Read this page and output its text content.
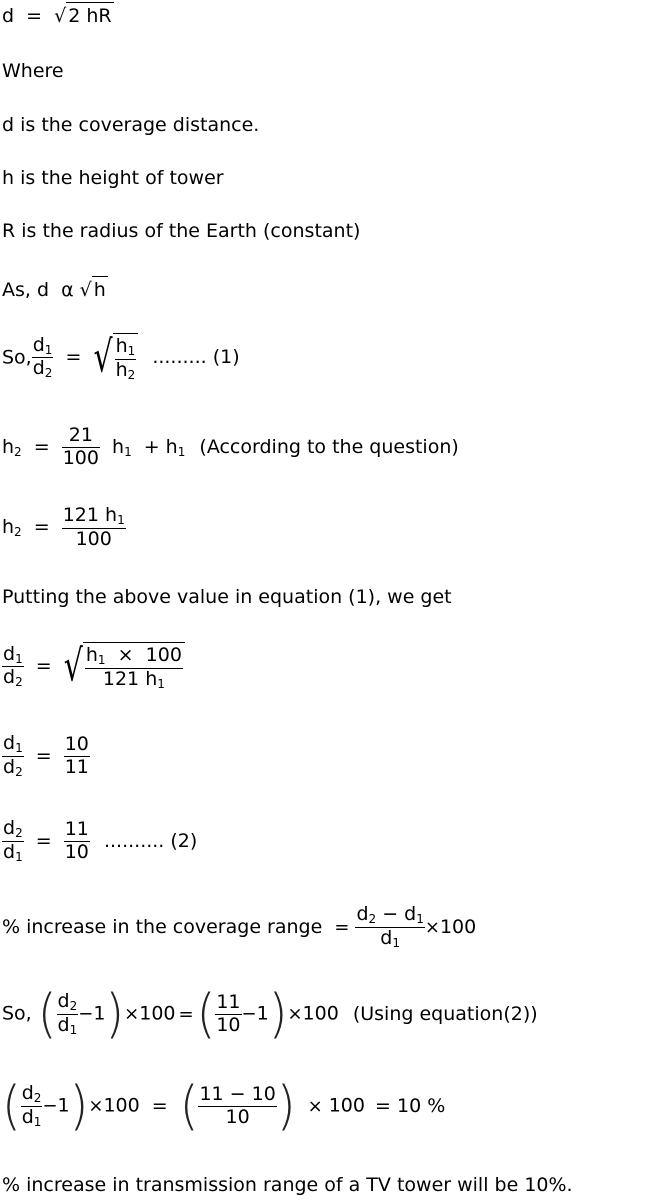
d = √ 2 hR
Where
d is the coverage distance.
h is the height of tower
R is the radius of the Earth (constant)
As, d α √ h
So, $\frac{d_1}{d_2}$ = √ $\frac{h_1}{h_2}$ ......... (1)
$h_2 = \frac{21}{100} h_1 + h_1$ (According to the question)
$h_2 = \frac{121 h_1}{100}$
Putting the above value in equation (1), we get
$\frac{d_1}{d_2}$ = √ $\frac{h_1 \times 100}{121 h_1}$
$\frac{d_1}{d_2} = \frac{10}{11}$
$\frac{d_2}{d_1} = \frac{11}{10}$ .......... (2)
% increase in the coverage range = $\frac{d_2 - d_1}{d_1} \times 100$
So, ( $\frac{d_2}{d_1} -1)\times 100$ =( $\frac{11}{10} -1)\times 100$ (Using equation(2))
( $\frac{d_2}{d_1} -1)\times 100$ = ( $\frac{11 - 10}{10}$ ) × 100 = 10 %
% increase in transmission range of a TV tower will be 10%.
